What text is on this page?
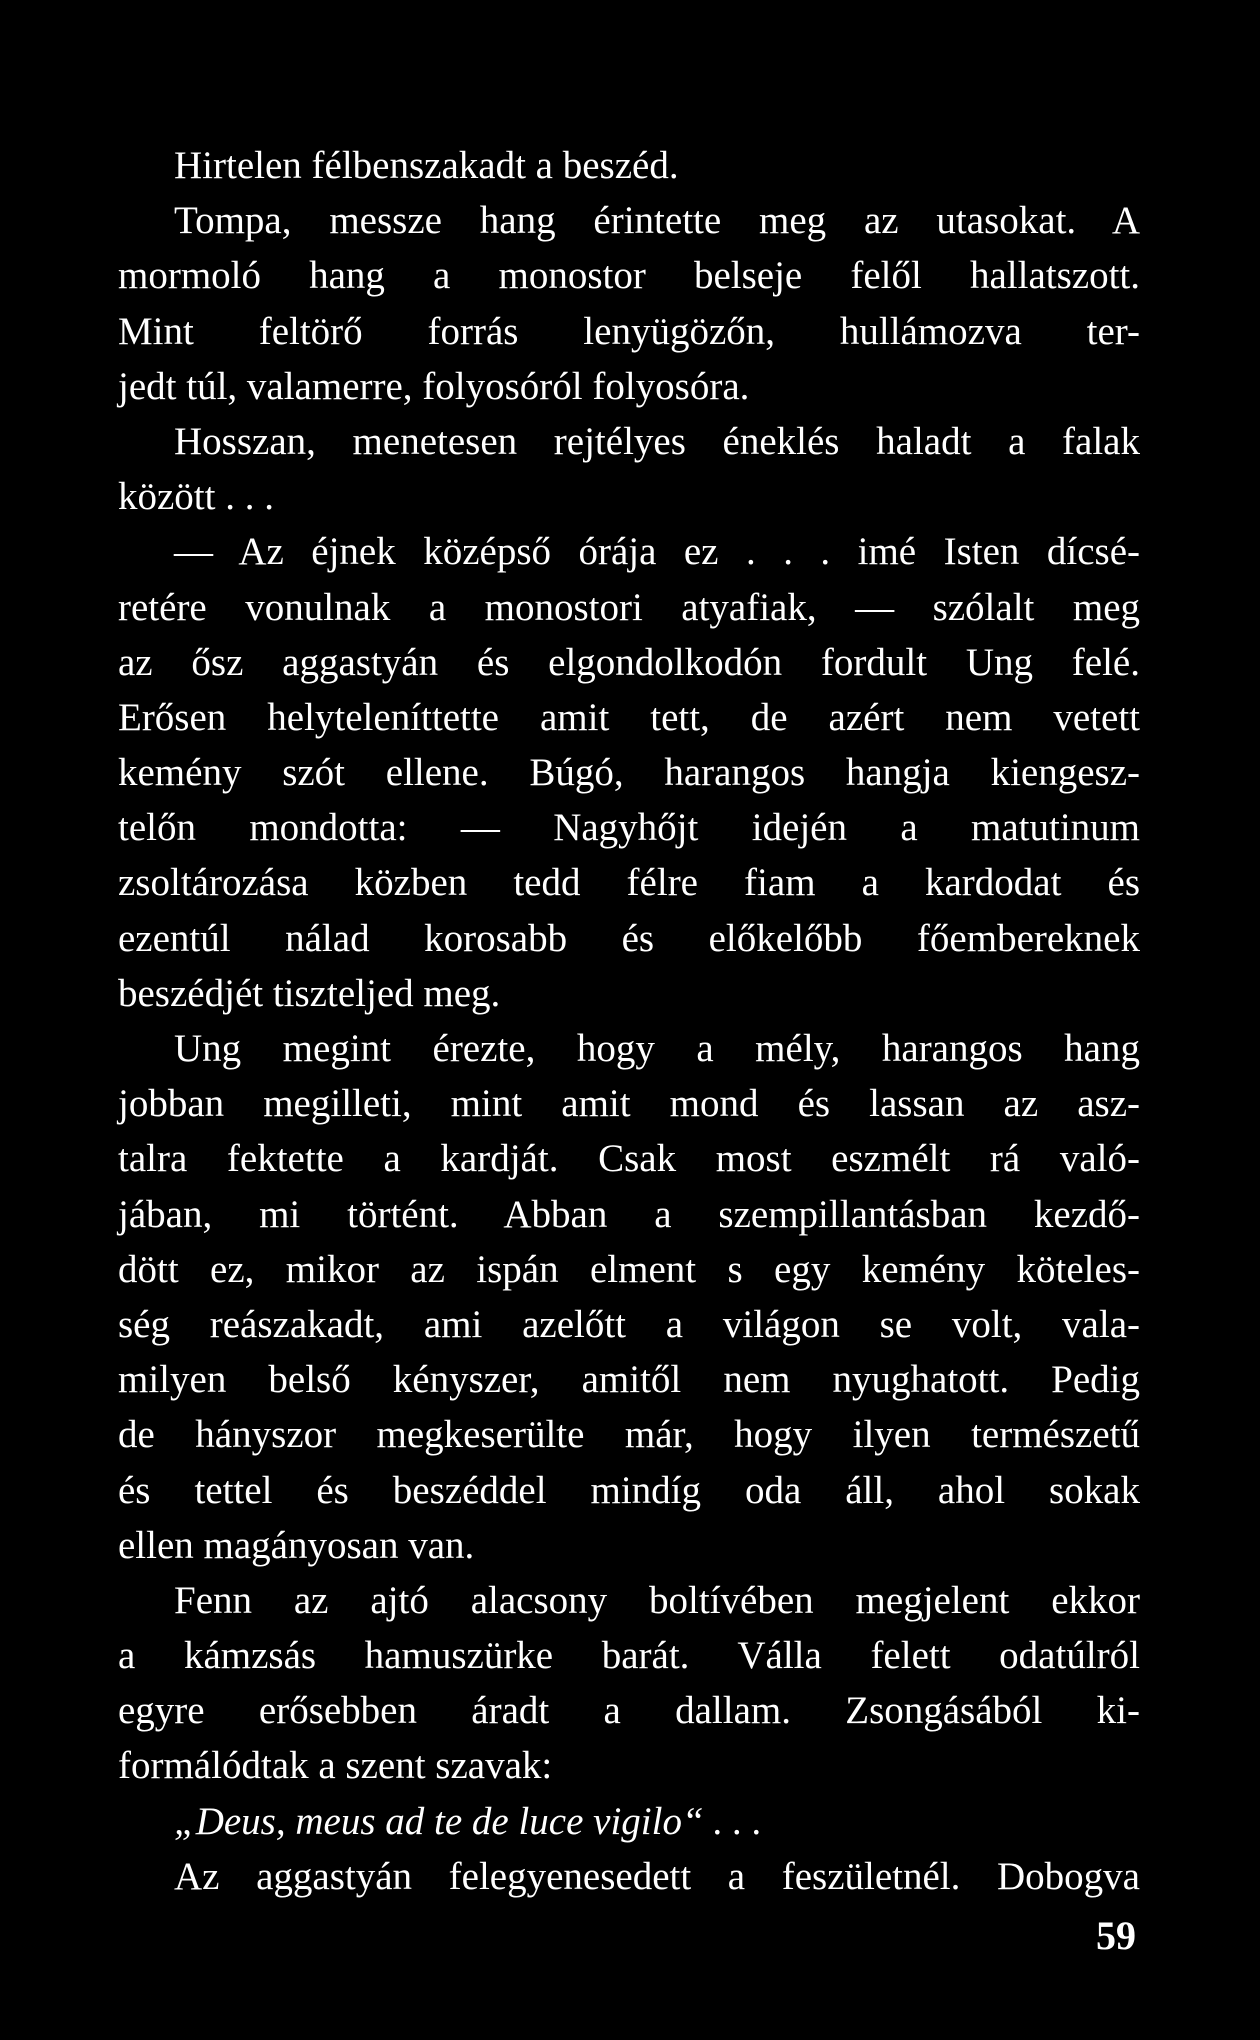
Hirtelen félbenszakadt a beszéd.
Tompa, messze hang érintette meg az utasokat. A
mormoló hang a monostor belseje felől hallatszott.
Mint feltörő forrás lenyügözőn, hullámozva ter-
jedt túl, valamerre, folyosóról folyosóra.
Hosszan, menetesen rejtélyes éneklés haladt a falak
között . . .
— Az éjnek középső órája ez . . . imé Isten dícsé-
retére vonulnak a monostori atyafiak, — szólalt meg
az ősz aggastyán és elgondolkodón fordult Ung felé.
Erősen helyteleníttette amit tett, de azért nem vetett
kemény szót ellene. Búgó, harangos hangja kiengesz-
telőn mondotta: — Nagyhőjt idején a matutinum
zsoltározása közben tedd félre fiam a kardodat és
ezentúl nálad korosabb és előkelőbb főembereknek
beszédjét tiszteljed meg.
Ung megint érezte, hogy a mély, harangos hang
jobban megilleti, mint amit mond és lassan az asz-
talra fektette a kardját. Csak most eszmélt rá való-
jában, mi történt. Abban a szempillantásban kezdő-
dött ez, mikor az ispán elment s egy kemény köteles-
ség reászakadt, ami azelőtt a világon se volt, vala-
milyen belső kényszer, amitől nem nyughatott. Pedig
de hányszor megkeserülte már, hogy ilyen természetű
és tettel és beszéddel mindíg oda áll, ahol sokak
ellen magányosan van.
Fenn az ajtó alacsony boltívében megjelent ekkor
a kámzsás hamuszürke barát. Válla felett odatúlról
egyre erősebben áradt a dallam. Zsongásából ki-
formálódtak a szent szavak:
„Deus, meus ad te de luce vigilo“ . . .
Az aggastyán felegyenesedett a feszületnél. Dobogva
59
